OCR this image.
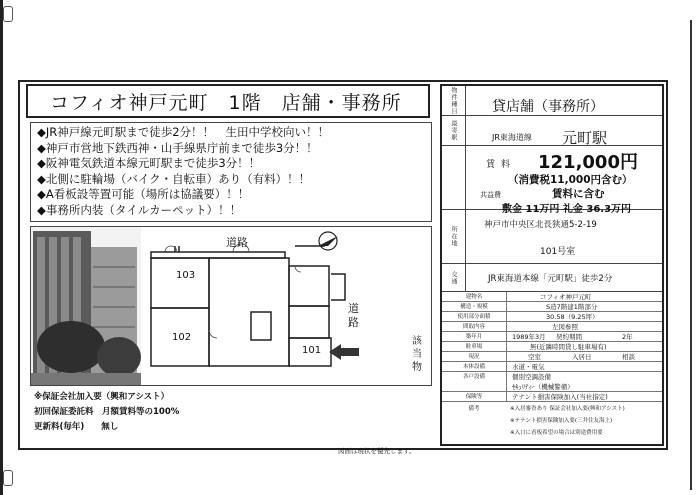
コフィオ神戸元町　1階　店舗・事務所
◆JR神戸線元町駅まで徒歩2分！！　生田中学校向い！！
◆神戸市営地下鉄西神・山手線県庁前まで徒歩3分！！
◆阪神電気鉄道本線元町駅まで徒歩3分！！
◆北側に駐輪場（バイク・自転車）あり（有料）！！
◆A看板設等置可能（場所は協議要）！！
◆事務所内装（タイルカーペット）！！
道路
道路
該当物
103
102
101
※保証会社加入要（興和アシスト）
初回保証委託料　月額賃料等の100%
更新料(毎年)　　無し
図面は現状を優先します。
物件種目	貸店舗（事務所）
最寄駅	JR東海道線	元町駅
賃料	121,000円
（消費税11,000円含む）
共益費	賃料に含む
敷金 11万円 礼金 36.3万円
所在地
神戸市中央区北長狭通5-2-19
101号室
交通	JR東海道本線「元町駅」徒歩2分
建物名	コフィオ神戸元町
構造・規模	S造7階建1階部分
使用部分面積	30.58（9.25坪）
間取内容	左図参照
築年月	1989年3月 契約期間	2年
駐車場	無(近隣時間貸し駐車場有)
現況	空室	入居日	相談
本体設備	水道・電気
各戸設備	個別空調設備
ｾｷｭﾘﾃｨｰ（機械警備）
保険等	テナント損害保険加入(当社指定)
備考	※入居審査あり 保証会社加入要(興和アシスト)
※テナント損害保険加入要(三井住友海上)
※入口に看板希望の場合は別途費用要
